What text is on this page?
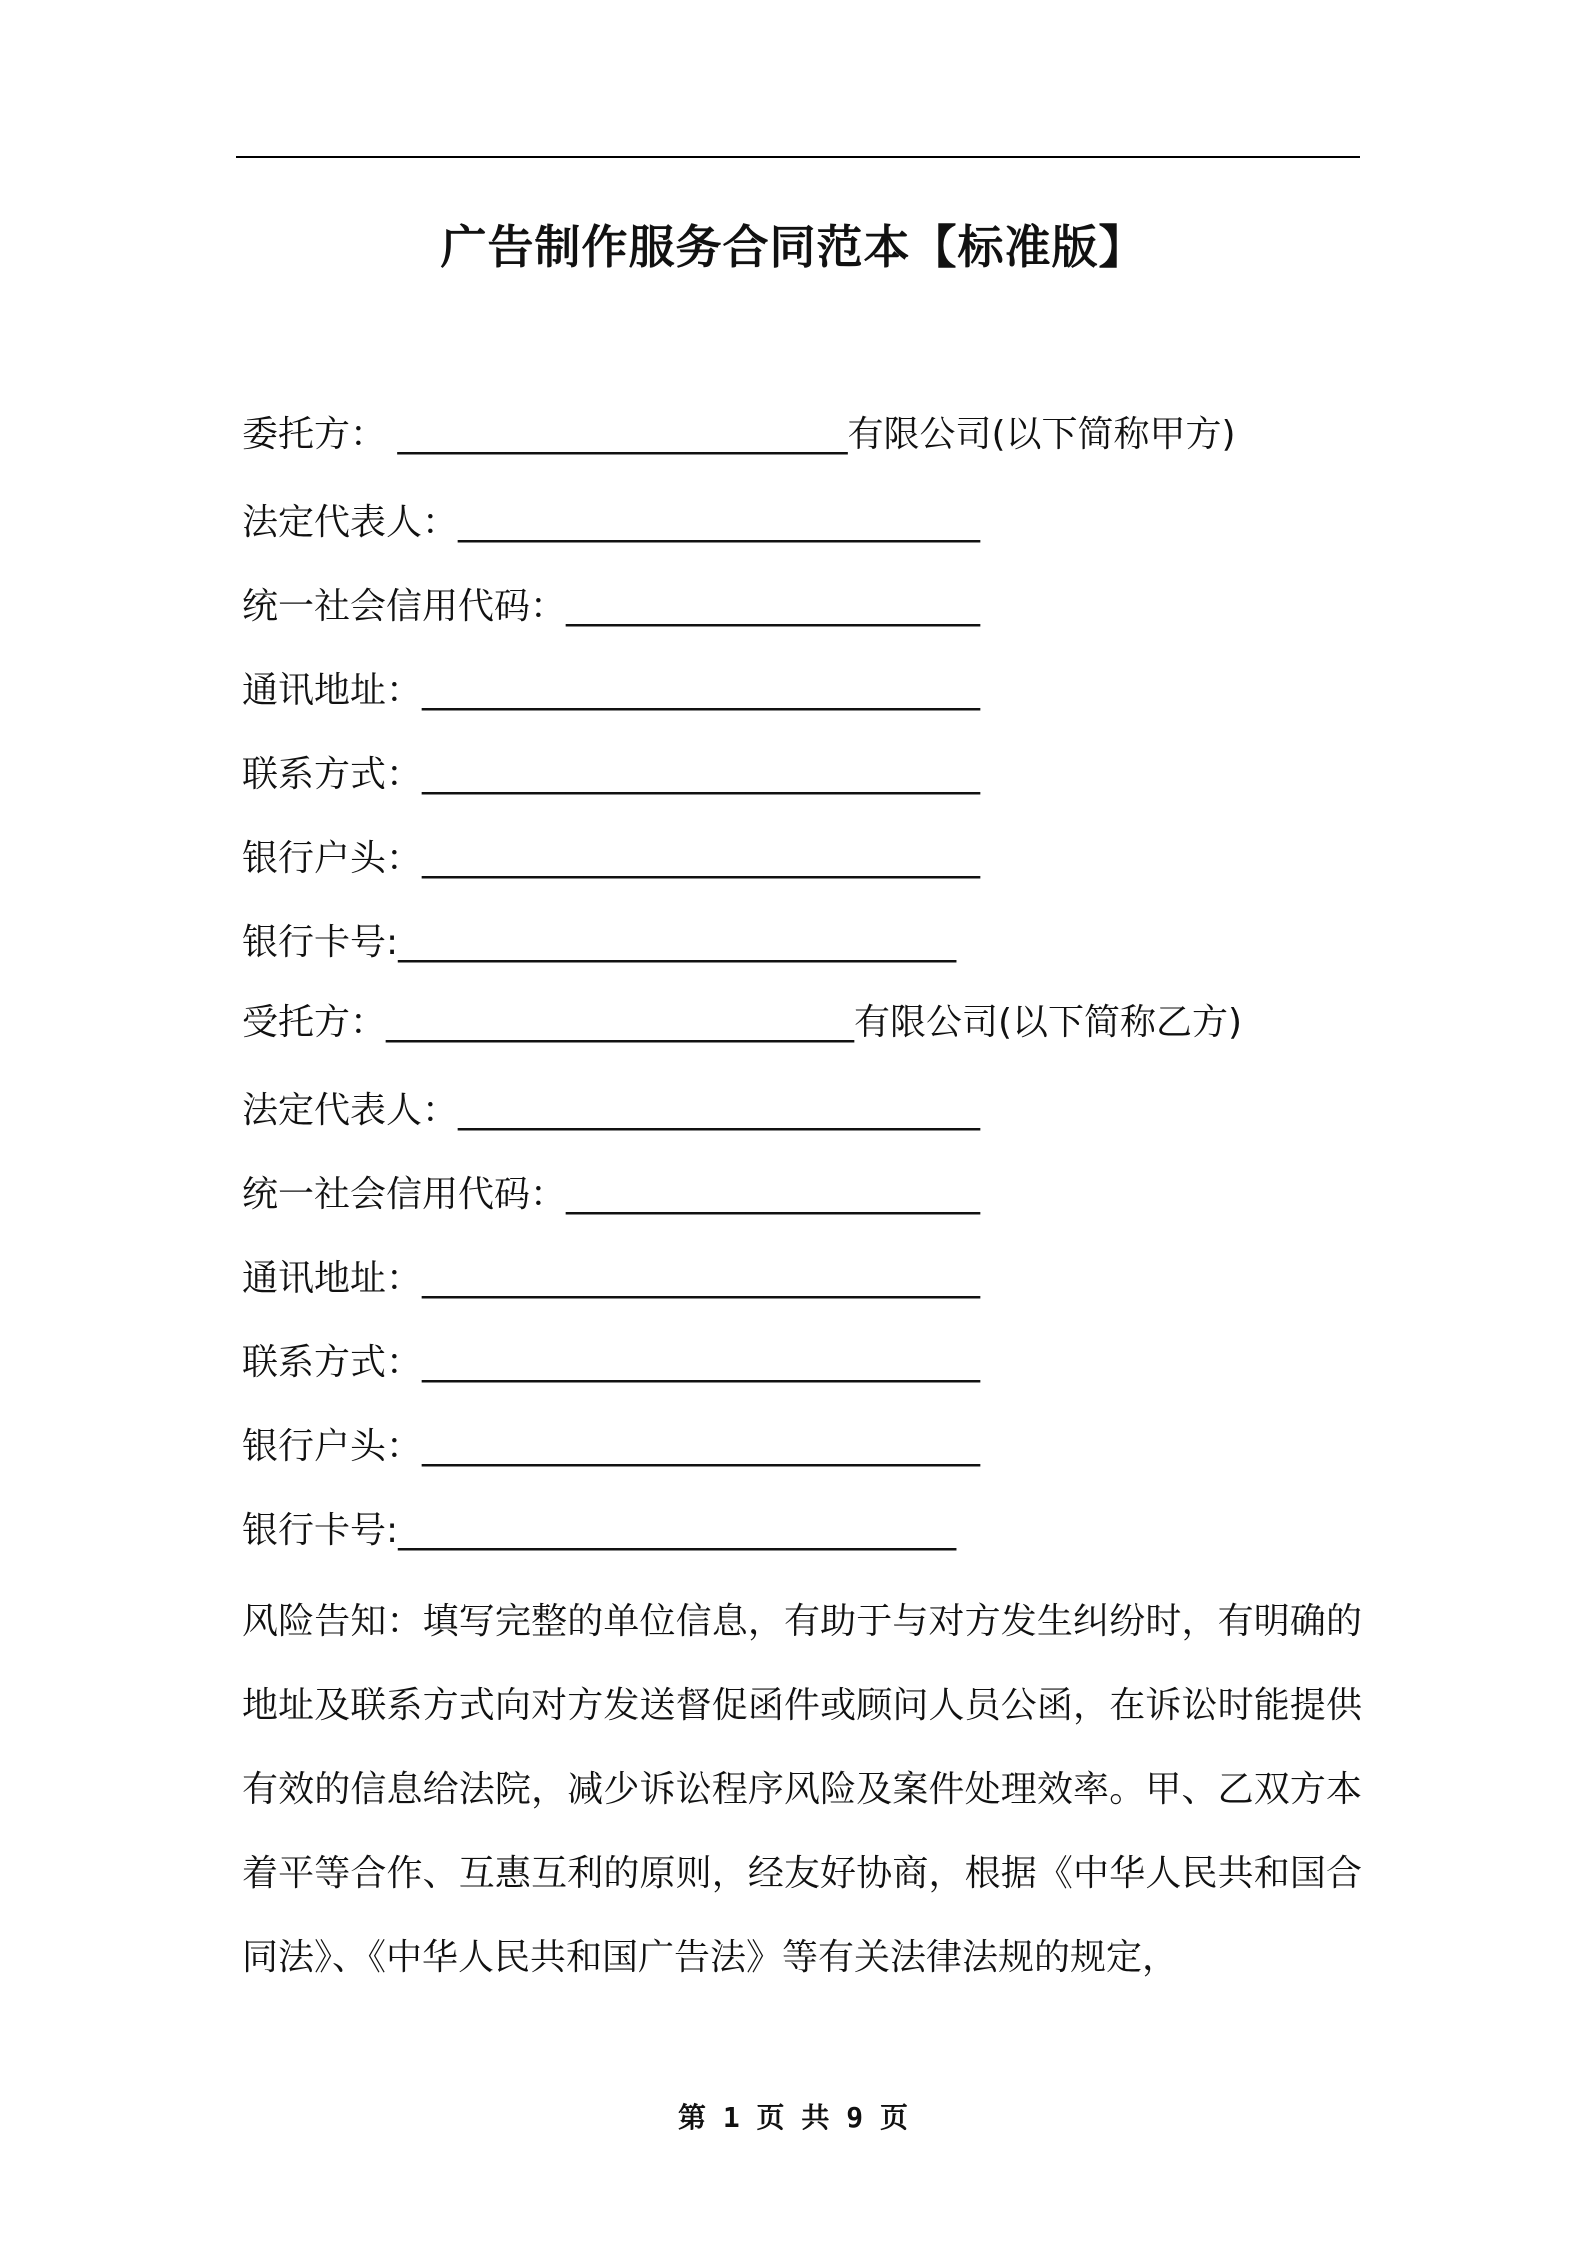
广告制作服务合同范本【标准版】
委托方： _________________________有限公司(以下简称甲方)
法定代表人：_____________________________
统一社会信用代码：_______________________
通讯地址：_______________________________
联系方式：_______________________________
银行户头：_______________________________
银行卡号:_______________________________
受托方：__________________________有限公司(以下简称乙方)
法定代表人：_____________________________
统一社会信用代码：_______________________
通讯地址：_______________________________
联系方式：_______________________________
银行户头：_______________________________
银行卡号:_______________________________
风险告知：填写完整的单位信息，有助于与对方发生纠纷时，有明确的地址及联系方式向对方发送督促函件或顾问人员公函，在诉讼时能提供有效的信息给法院，减少诉讼程序风险及案件处理效率。甲、乙双方本着平等合作、互惠互利的原则，经友好协商，根据《中华人民共和国合同法》、《中华人民共和国广告法》等有关法律法规的规定，
第 1 页 共 9 页
